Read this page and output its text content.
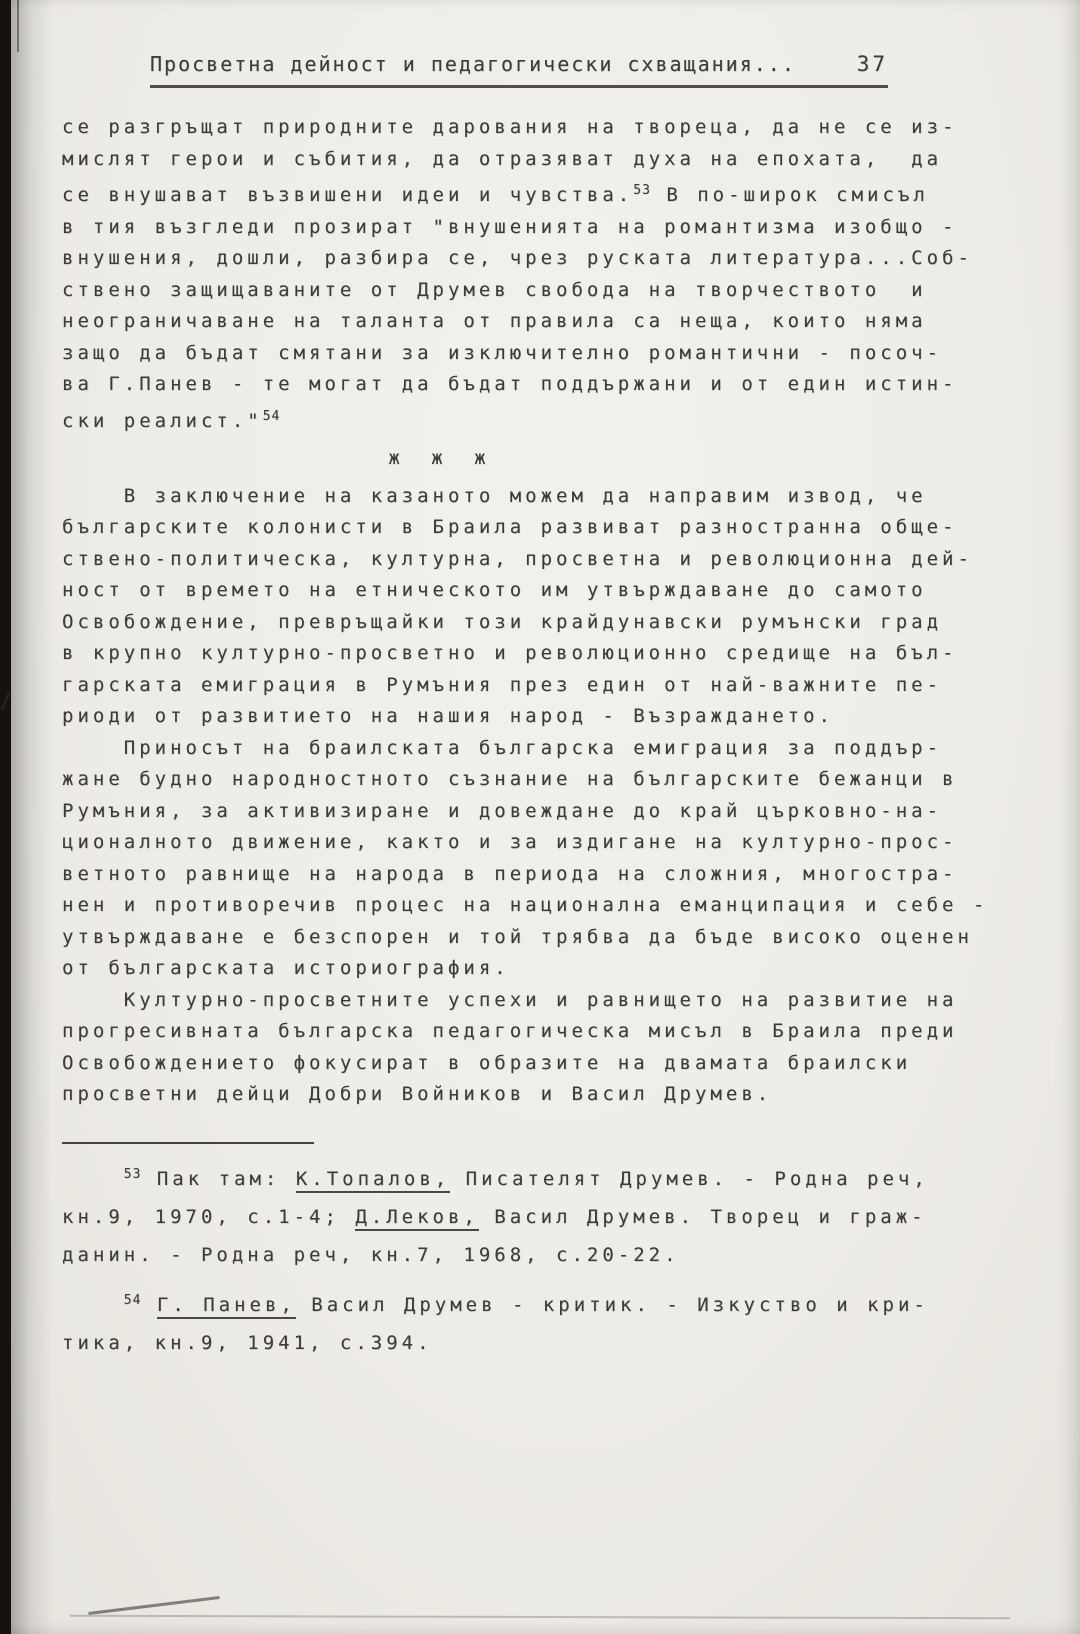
Просветна дейност и педагогически схващания...	37
се разгръщат природните дарования на твореца, да не се из-
мислят герои и събития, да отразяват духа на епохата,  да
се внушават възвишени идеи и чувства.$^{53}$ В по-широк смисъл
в тия възгледи прозират "внушенията на романтизма изобщо -
внушения, дошли, разбира се, чрез руската литература...Соб-
ствено защищаваните от Друмев свобода на творчеството  и
неограничаване на таланта от правила са неща, които няма
защо да бъдат смятани за изключително романтични - посоч-
ва Г.Панев - те могат да бъдат поддържани и от един истин-
ски реалист."$^{54}$
ж ж ж
В заключение на казаното можем да направим извод, че
българските колонисти в Браила развиват разностранна обще-
ствено-политическа, културна, просветна и революционна дей-
ност от времето на етническото им утвърждаване до самото
Освобождение, превръщайки този крайдунавски румънски град
в крупно културно-просветно и революционно средище на бъл-
гарската емиграция в Румъния през един от най-важните пе-
риоди от развитието на нашия народ - Възраждането.
Приносът на браилската българска емиграция за поддър-
жане будно народностното съзнание на българските бежанци в
Румъния, за активизиране и довеждане до край църковно-на-
ционалното движение, както и за издигане на културно-прос-
ветното равнище на народа в периода на сложния, многостра-
нен и противоречив процес на национална еманципация и себе -
утвърждаване е безспорен и той трябва да бъде високо оценен
от българската историография.
Културно-просветните успехи и равнището на развитие на
прогресивната българска педагогическа мисъл в Браила преди
Освобождението фокусират в образите на двамата браилски
просветни дейци Добри Войников и Васил Друмев.
$^{53}$ Пак там: К.Топалов, Писателят Друмев. - Родна реч,
кн.9, 1970, с.1-4; Д.Леков, Васил Друмев. Творец и граж-
данин. - Родна реч, кн.7, 1968, с.20-22.
$^{54}$ Г. Панев, Васил Друмев - критик. - Изкуство и кри-
тика, кн.9, 1941, с.394.
